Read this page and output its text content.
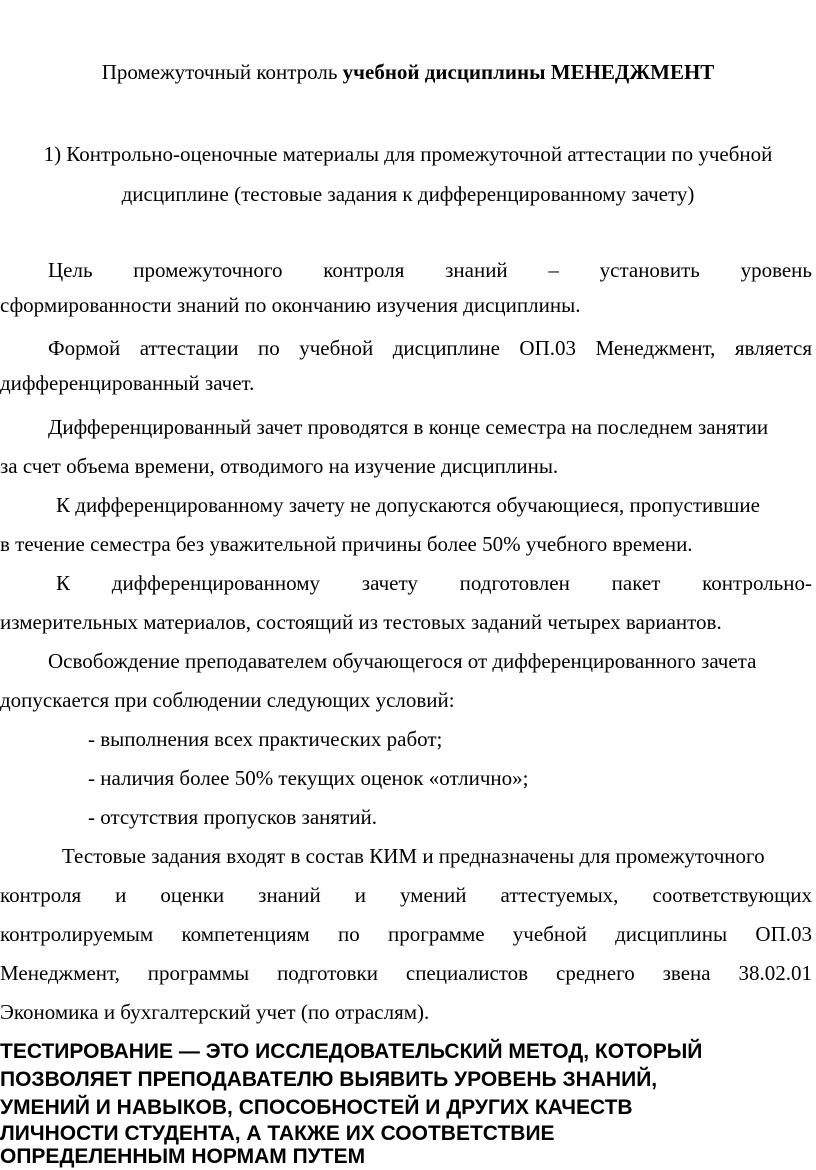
Промежуточный контроль учебной дисциплины МЕНЕДЖМЕНТ
1) Контрольно-оценочные материалы для промежуточной аттестации по учебной
дисциплине (тестовые задания к дифференцированному зачету)
Цель промежуточного контроля знаний – установить уровень
сформированности знаний по окончанию изучения дисциплины.
Формой аттестации по учебной дисциплине ОП.03 Менеджмент, является
дифференцированный зачет.
Дифференцированный зачет проводятся в конце семестра на последнем занятии
за счет объема времени, отводимого на изучение дисциплины.
К дифференцированному зачету не допускаются обучающиеся, пропустившие
в течение семестра без уважительной причины более 50% учебного времени.
К дифференцированному зачету подготовлен пакет контрольно-
измерительных материалов, состоящий из тестовых заданий четырех вариантов.
Освобождение преподавателем обучающегося от дифференцированного зачета
допускается при соблюдении следующих условий:
- выполнения всех практических работ;
- наличия более 50% текущих оценок «отлично»;
- отсутствия пропусков занятий.
Тестовые задания входят в состав КИМ и предназначены для промежуточного
контроля и оценки знаний и умений аттестуемых, соответствующих
контролируемым компетенциям по программе учебной дисциплины ОП.03
Менеджмент, программы подготовки специалистов среднего звена 38.02.01
Экономика и бухгалтерский учет (по отраслям).
ТЕСТИРОВАНИЕ — ЭТО ИССЛЕДОВАТЕЛЬСКИЙ МЕТОД, КОТОРЫЙ
ПОЗВОЛЯЕТ ПРЕПОДАВАТЕЛЮ ВЫЯВИТЬ УРОВЕНЬ ЗНАНИЙ,
УМЕНИЙ И НАВЫКОВ, СПОСОБНОСТЕЙ И ДРУГИХ КАЧЕСТВ
ЛИЧНОСТИ СТУДЕНТА, А ТАКЖЕ ИХ СООТВЕТСТВИЕ
ОПРЕДЕЛЕННЫМ НОРМАМ ПУТЕМ
